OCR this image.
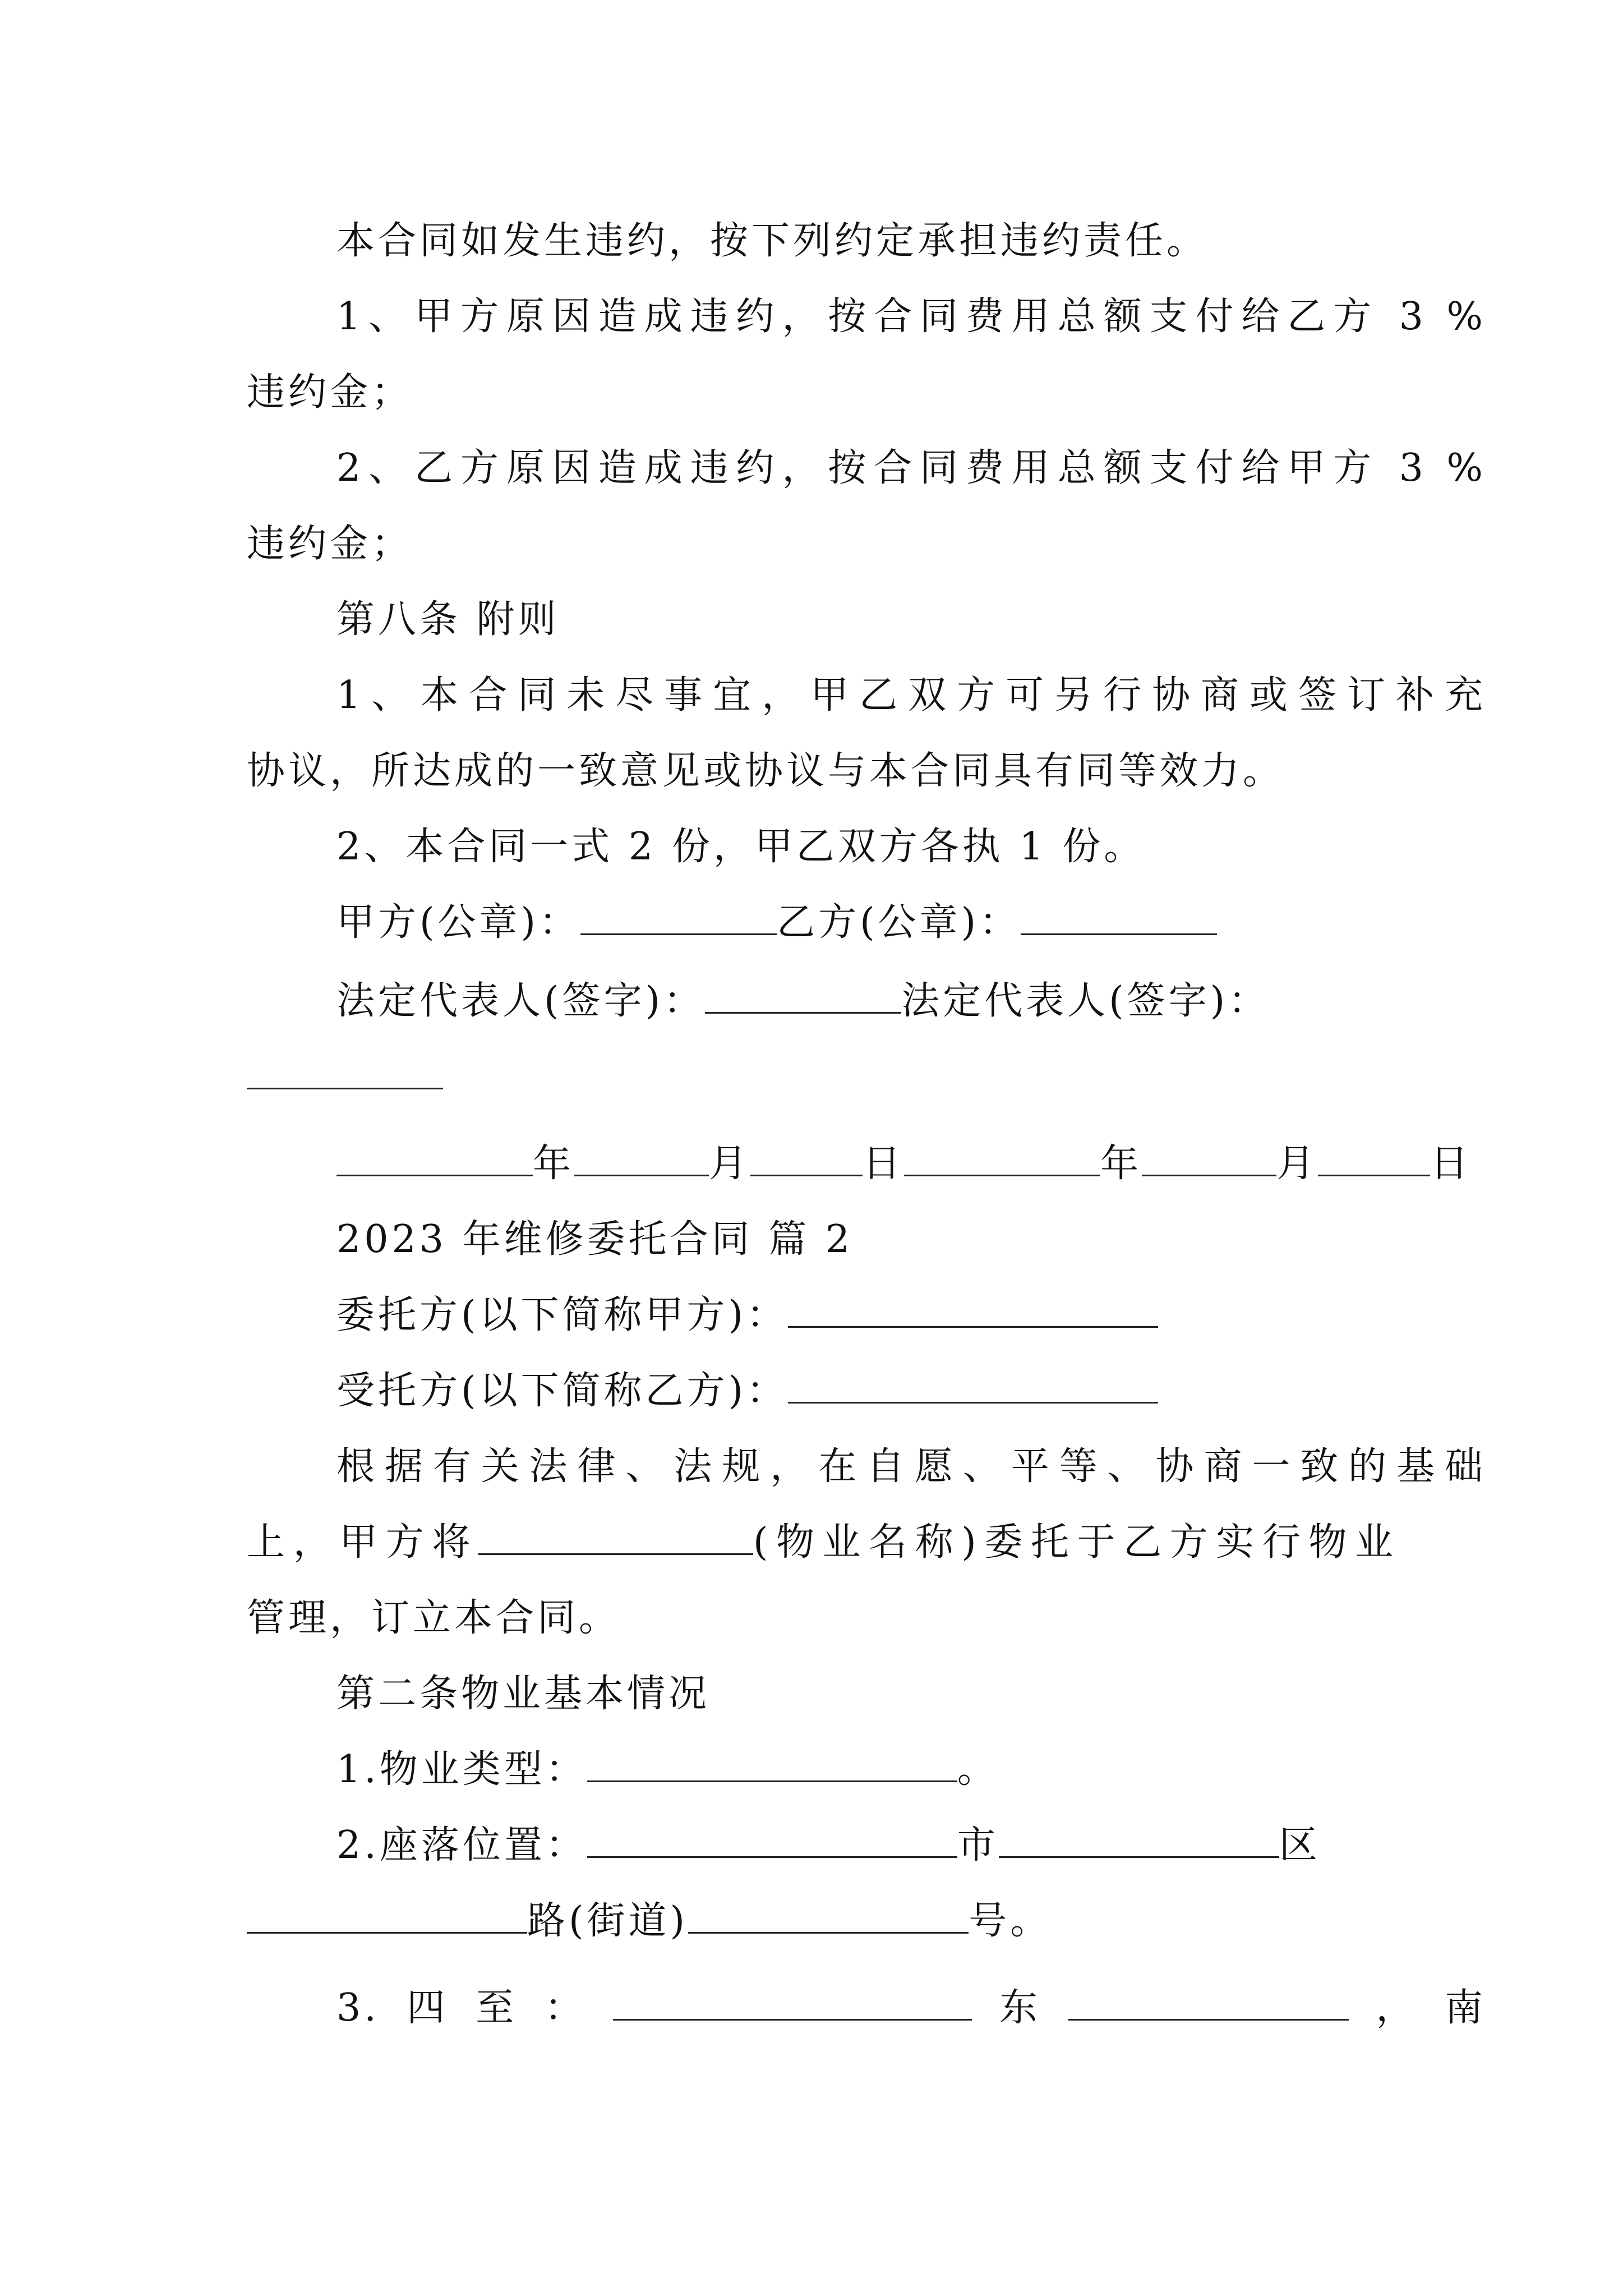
本合同如发生违约，按下列约定承担违约责任。
1、甲方原因造成违约，按合同费用总额支付给乙方 3 %
违约金；
2、乙方原因造成违约，按合同费用总额支付给甲方 3 %
违约金；
第八条 附则
1、本合同未尽事宜，甲乙双方可另行协商或签订补充
协议，所达成的一致意见或协议与本合同具有同等效力。
2、本合同一式 2 份，甲乙双方各执 1 份。
甲方(公章)：	乙方(公章)：
法定代表人(签字)：	法定代表人(签字)：
年	月	日	年	月	日
2023 年维修委托合同 篇 2
委托方(以下简称甲方)：
受托方(以下简称乙方)：
根据有关法律、法规，在自愿、平等、协商一致的基础
上，甲方将	(物业名称)委托于乙方实行物业
管理，订立本合同。
第二条物业基本情况
1.物业类型：	。
2.座落位置：	市	区
路(街道)	号。
3.四至：	东	，南
